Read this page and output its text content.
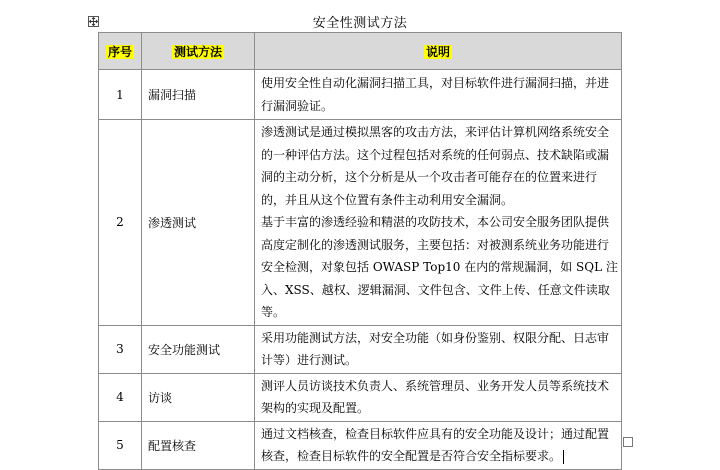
安全性测试方法
序号	测试方法	说明
1	漏洞扫描	使用安全性自动化漏洞扫描工具，对目标软件进行漏洞扫描，并进行漏洞验证。
2	渗透测试	渗透测试是通过模拟黑客的攻击方法，来评估计算机网络系统安全的一种评估方法。这个过程包括对系统的任何弱点、技术缺陷或漏洞的主动分析，这个分析是从一个攻击者可能存在的位置来进行的，并且从这个位置有条件主动利用安全漏洞。
基于丰富的渗透经验和精湛的攻防技术，本公司安全服务团队提供高度定制化的渗透测试服务，主要包括：对被测系统业务功能进行安全检测，对象包括 OWASP Top10 在内的常规漏洞，如 SQL 注入、XSS、越权、逻辑漏洞、文件包含、文件上传、任意文件读取等。

3	安全功能测试	采用功能测试方法，对安全功能（如身份鉴别、权限分配、日志审计等）进行测试。
4	访谈	测评人员访谈技术负责人、系统管理员、业务开发人员等系统技术架构的实现及配置。
5	配置核查	通过文档核查，检查目标软件应具有的安全功能及设计；通过配置核查，检查目标软件的安全配置是否符合安全指标要求。
